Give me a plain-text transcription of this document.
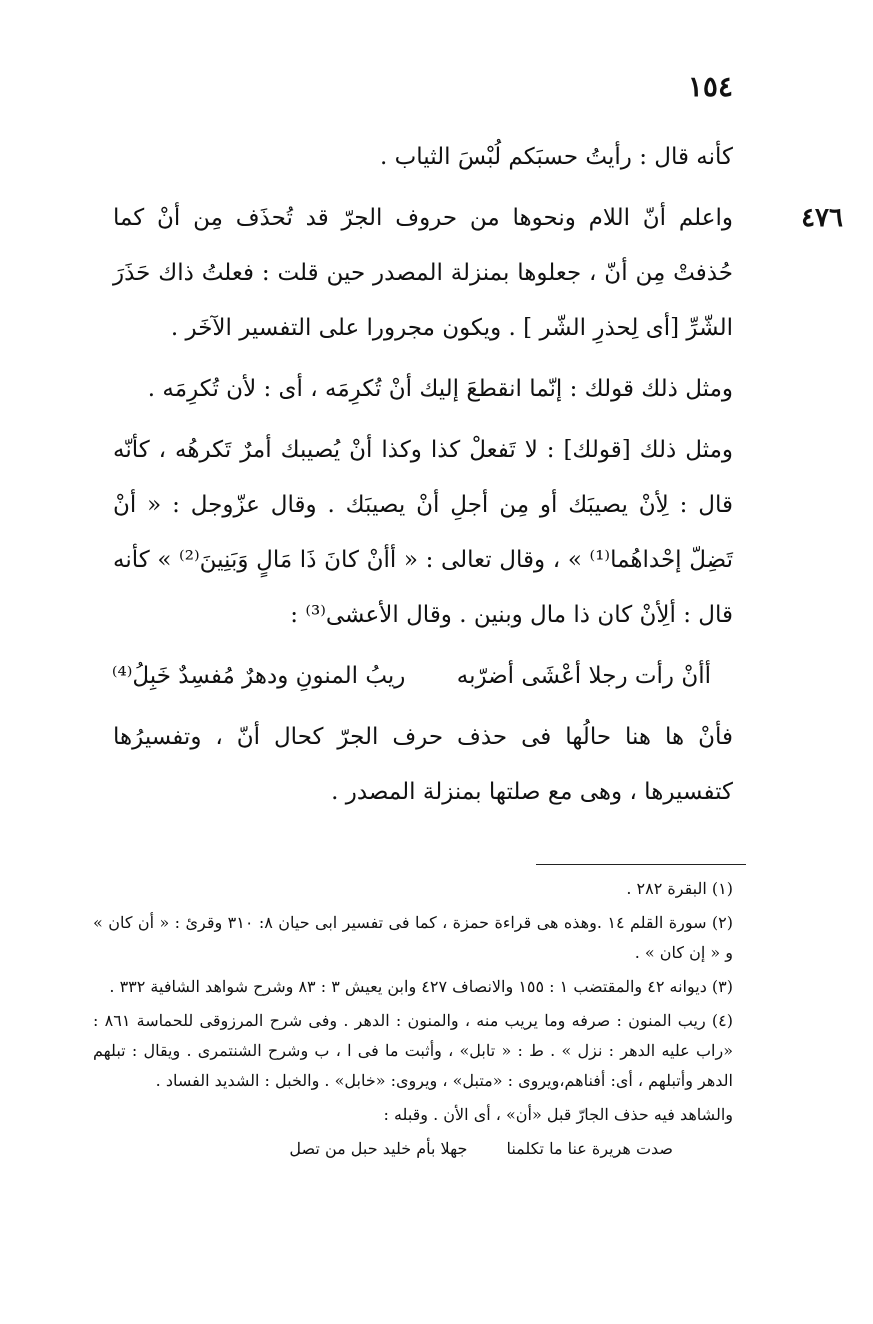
١٥٤
٤٧٦

كأنه قال : رأيتُ حسبَكم لُبْسَ الثياب .

واعلم أنّ اللام ونحوها من حروف الجرّ قد تُحذَف مِن أنْ كما حُذفتْ مِن أنّ ، جعلوها بمنزلة المصدر حين قلت : فعلتُ ذاك حَذَرَ الشّرِّ [أى لِحذرِ الشّر ] . ويكون مجرورا على التفسير الآخَر .

ومثل ذلك قولك : إنّما انقطعَ إليك أنْ تُكرِمَه ، أى : لأن تُكرِمَه .

ومثل ذلك [قولك] : لا تَفعلْ كذا وكذا أنْ يُصيبك أمرٌ تَكرهُه ، كأنّه قال : لِأنْ يصيبَك أو مِن أجلِ أنْ يصيبَك . وقال عزّوجل : « أنْ تَضِلّ إحْداهُما⁽¹⁾ » ، وقال تعالى : « أأنْ كانَ ذَا مَالٍ وَبَنِينَ⁽²⁾ » كأنه قال : ألِأنْ كان ذا مال وبنين . وقال الأعشى⁽³⁾ :

أأنْ رأت رجلا أعْشَى أضرّبه ريبُ المنونِ ودهرٌ مُفسِدٌ خَبِلُ⁽⁴⁾

فأنْ ها هنا حالُها فى حذف حرف الجرّ كحال أنّ ، وتفسيرُها كتفسيرها ، وهى مع صلتها بمنزلة المصدر .

(١) البقرة ٢٨٢ .

(٢) سورة القلم ١٤ .وهذه هى قراءة حمزة ، كما فى تفسير ابى حيان ٨: ٣١٠ وقرئ : « أن كان » و « إن كان » .

(٣) ديوانه ٤٢ والمقتضب ١ : ١٥٥ والانصاف ٤٢٧ وابن يعيش ٣ : ٨٣ وشرح شواهد الشافية ٣٣٢ .

(٤) ريب المنون : صرفه وما يريب منه ، والمنون : الدهر . وفى شرح المرزوقى للحماسة ٨٦١ : «راب عليه الدهر : نزل » . ط : « تابل» ، وأثبت ما فى ا ، ب وشرح الشنتمرى . ويقال : تبلهم الدهر وأتبلهم ، أى: أفناهم،ويروى : «متبل» ، ويروى: «خابل» . والخبل : الشديد الفساد .

والشاهد فيه حذف الجارّ قبل «أن» ، أى الأن . وقبله :

صدت هريرة عنا ما تكلمنا جهلا بأم خليد حبل من تصل
